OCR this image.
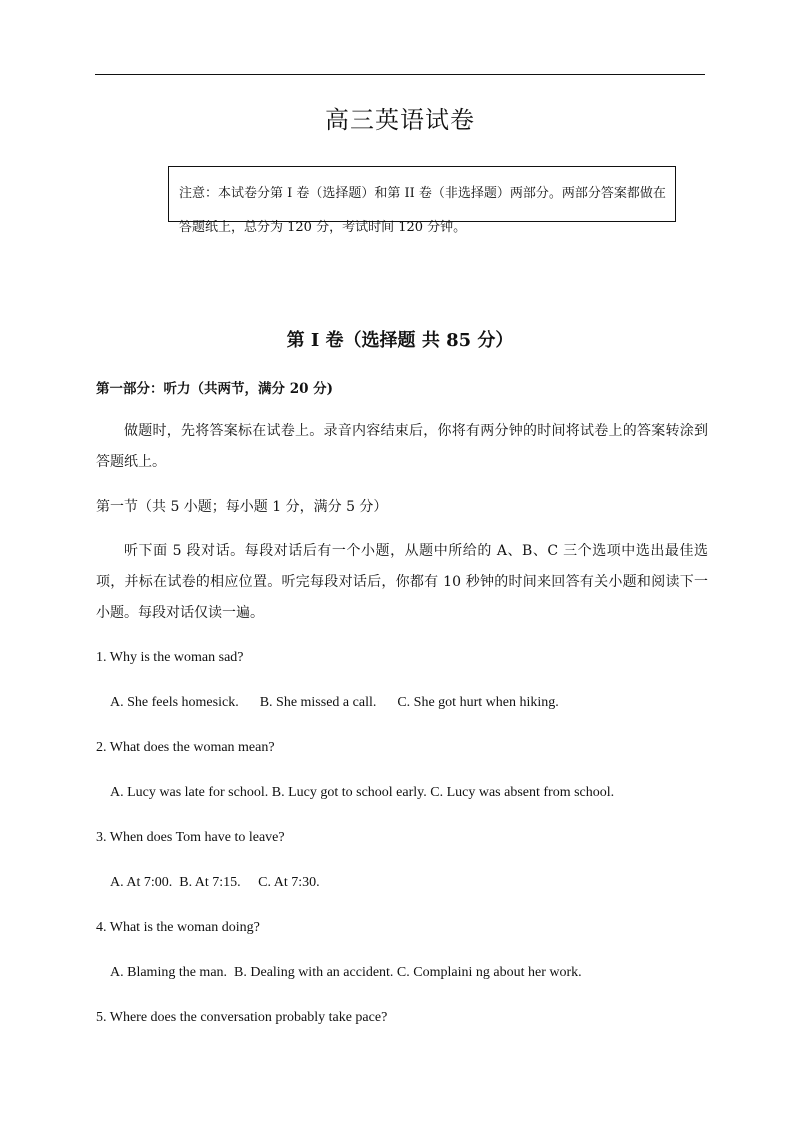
高三英语试卷
注意：本试卷分第 I 卷（选择题）和第 II 卷（非选择题）两部分。两部分答案都做在答题纸上，总分为 120 分，考试时间 120 分钟。
第 I 卷（选择题 共 85 分）
第一部分：听力（共两节，满分 20 分)
做题时，先将答案标在试卷上。录音内容结束后，你将有两分钟的时间将试卷上的答案转涂到答题纸上。
第一节（共 5 小题；每小题 1 分，满分 5 分）
听下面 5 段对话。每段对话后有一个小题，从题中所给的 A、B、C 三个选项中选出最佳选项，并标在试卷的相应位置。听完每段对话后，你都有 10 秒钟的时间来回答有关小题和阅读下一小题。每段对话仅读一遍。
1. Why is the woman sad?
A. She feels homesick.      B. She missed a call.      C. She got hurt when hiking.
2. What does the woman mean?
A. Lucy was late for school. B. Lucy got to school early. C. Lucy was absent from school.
3. When does Tom have to leave?
A. At 7:00.  B. At 7:15.     C. At 7:30.
4. What is the woman doing?
A. Blaming the man.  B. Dealing with an accident. C. Complaini ng about her work.
5. Where does the conversation probably take pace?
